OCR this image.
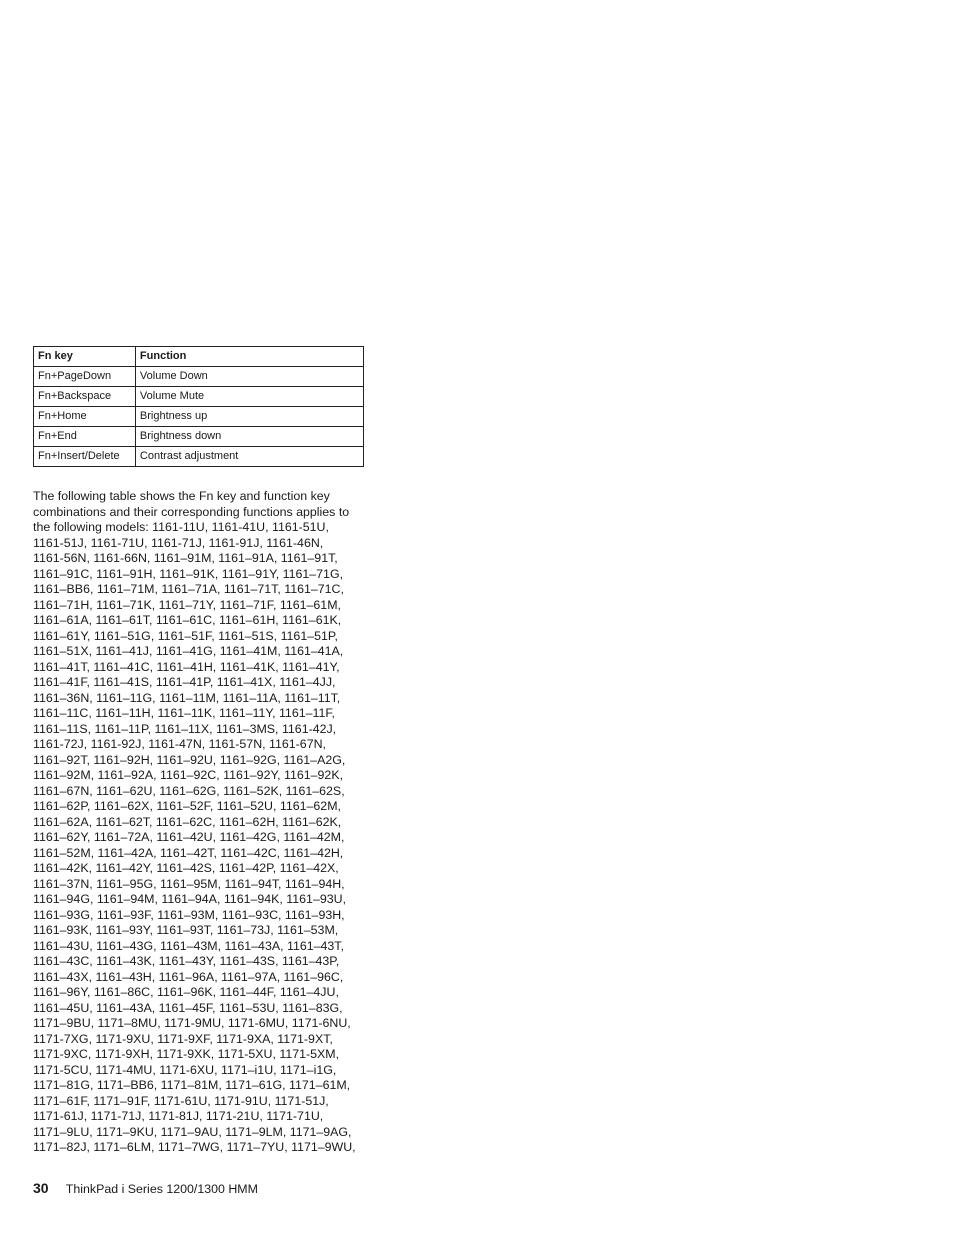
Fn key	Function
Fn+PageDown	Volume Down
Fn+Backspace	Volume Mute
Fn+Home	Brightness up
Fn+End	Brightness down
Fn+Insert/Delete	Contrast adjustment
The following table shows the Fn key and function key
combinations and their corresponding functions applies to
the following models: 1161-11U, 1161-41U, 1161-51U,
1161-51J, 1161-71U, 1161-71J, 1161-91J, 1161-46N,
1161-56N, 1161-66N, 1161–91M, 1161–91A, 1161–91T,
1161–91C, 1161–91H, 1161–91K, 1161–91Y, 1161–71G,
1161–BB6, 1161–71M, 1161–71A, 1161–71T, 1161–71C,
1161–71H, 1161–71K, 1161–71Y, 1161–71F, 1161–61M,
1161–61A, 1161–61T, 1161–61C, 1161–61H, 1161–61K,
1161–61Y, 1161–51G, 1161–51F, 1161–51S, 1161–51P,
1161–51X, 1161–41J, 1161–41G, 1161–41M, 1161–41A,
1161–41T, 1161–41C, 1161–41H, 1161–41K, 1161–41Y,
1161–41F, 1161–41S, 1161–41P, 1161–41X, 1161–4JJ,
1161–36N, 1161–11G, 1161–11M, 1161–11A, 1161–11T,
1161–11C, 1161–11H, 1161–11K, 1161–11Y, 1161–11F,
1161–11S, 1161–11P, 1161–11X, 1161–3MS, 1161-42J,
1161-72J, 1161-92J, 1161-47N, 1161-57N, 1161-67N,
1161–92T, 1161–92H, 1161–92U, 1161–92G, 1161–A2G,
1161–92M, 1161–92A, 1161–92C, 1161–92Y, 1161–92K,
1161–67N, 1161–62U, 1161–62G, 1161–52K, 1161–62S,
1161–62P, 1161–62X, 1161–52F, 1161–52U, 1161–62M,
1161–62A, 1161–62T, 1161–62C, 1161–62H, 1161–62K,
1161–62Y, 1161–72A, 1161–42U, 1161–42G, 1161–42M,
1161–52M, 1161–42A, 1161–42T, 1161–42C, 1161–42H,
1161–42K, 1161–42Y, 1161–42S, 1161–42P, 1161–42X,
1161–37N, 1161–95G, 1161–95M, 1161–94T, 1161–94H,
1161–94G, 1161–94M, 1161–94A, 1161–94K, 1161–93U,
1161–93G, 1161–93F, 1161–93M, 1161–93C, 1161–93H,
1161–93K, 1161–93Y, 1161–93T, 1161–73J, 1161–53M,
1161–43U, 1161–43G, 1161–43M, 1161–43A, 1161–43T,
1161–43C, 1161–43K, 1161–43Y, 1161–43S, 1161–43P,
1161–43X, 1161–43H, 1161–96A, 1161–97A, 1161–96C,
1161–96Y, 1161–86C, 1161–96K, 1161–44F, 1161–4JU,
1161–45U, 1161–43A, 1161–45F, 1161–53U, 1161–83G,
1171–9BU, 1171–8MU, 1171-9MU, 1171-6MU, 1171-6NU,
1171-7XG, 1171-9XU, 1171-9XF, 1171-9XA, 1171-9XT,
1171-9XC, 1171-9XH, 1171-9XK, 1171-5XU, 1171-5XM,
1171-5CU, 1171-4MU, 1171-6XU, 1171–i1U, 1171–i1G,
1171–81G, 1171–BB6, 1171–81M, 1171–61G, 1171–61M,
1171–61F, 1171–91F, 1171-61U, 1171-91U, 1171-51J,
1171-61J, 1171-71J, 1171-81J, 1171-21U, 1171-71U,
1171–9LU, 1171–9KU, 1171–9AU, 1171–9LM, 1171–9AG,
1171–82J, 1171–6LM, 1171–7WG, 1171–7YU, 1171–9WU,
30 ThinkPad i Series 1200/1300 HMM
